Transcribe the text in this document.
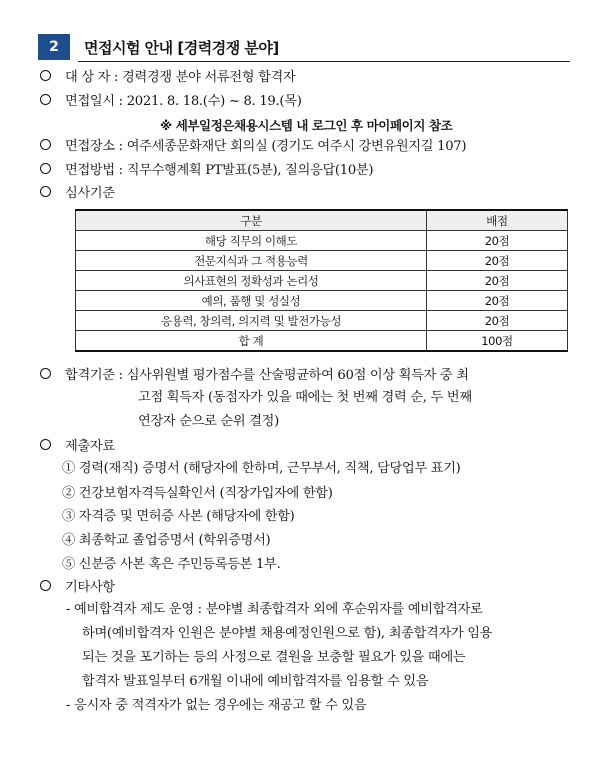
2	면접시험 안내 [경력경쟁 분야]
대 상 자 : 경력경쟁 분야 서류전형 합격자
면접일시 : 2021. 8. 18.(수) ~ 8. 19.(목)
※ 세부일정은채용시스템 내 로그인 후 마이페이지 참조
면접장소 : 여주세종문화재단 회의실 (경기도 여주시 강변유원지길 107)
면접방법 : 직무수행계획 PT발표(5분), 질의응답(10분)
심사기준
구분	배점
해당 직무의 이해도	20점
전문지식과 그 적용능력	20점
의사표현의 정확성과 논리성	20점
예의, 품행 및 성실성	20점
응용력, 창의력, 의지력 및 발전가능성	20점
합 계	100점
합격기준 : 심사위원별 평가점수를 산술평균하여 60점 이상 획득자 중 최
고점 획득자 (동점자가 있을 때에는 첫 번째 경력 순, 두 번째
연장자 순으로 순위 결정)
제출자료
① 경력(재직) 증명서 (해당자에 한하며, 근무부서, 직책, 담당업무 표기)
② 건강보험자격득실확인서 (직장가입자에 한함)
③ 자격증 및 면허증 사본 (해당자에 한함)
④ 최종학교 졸업증명서 (학위증명서)
⑤ 신분증 사본 혹은 주민등록등본 1부.
기타사항
- 예비합격자 제도 운영 : 분야별 최종합격자 외에 후순위자를 예비합격자로
하며(예비합격자 인원은 분야별 채용예정인원으로 함), 최종합격자가 임용
되는 것을 포기하는 등의 사정으로 결원을 보충할 필요가 있을 때에는
합격자 발표일부터 6개월 이내에 예비합격자를 임용할 수 있음
- 응시자 중 적격자가 없는 경우에는 재공고 할 수 있음
